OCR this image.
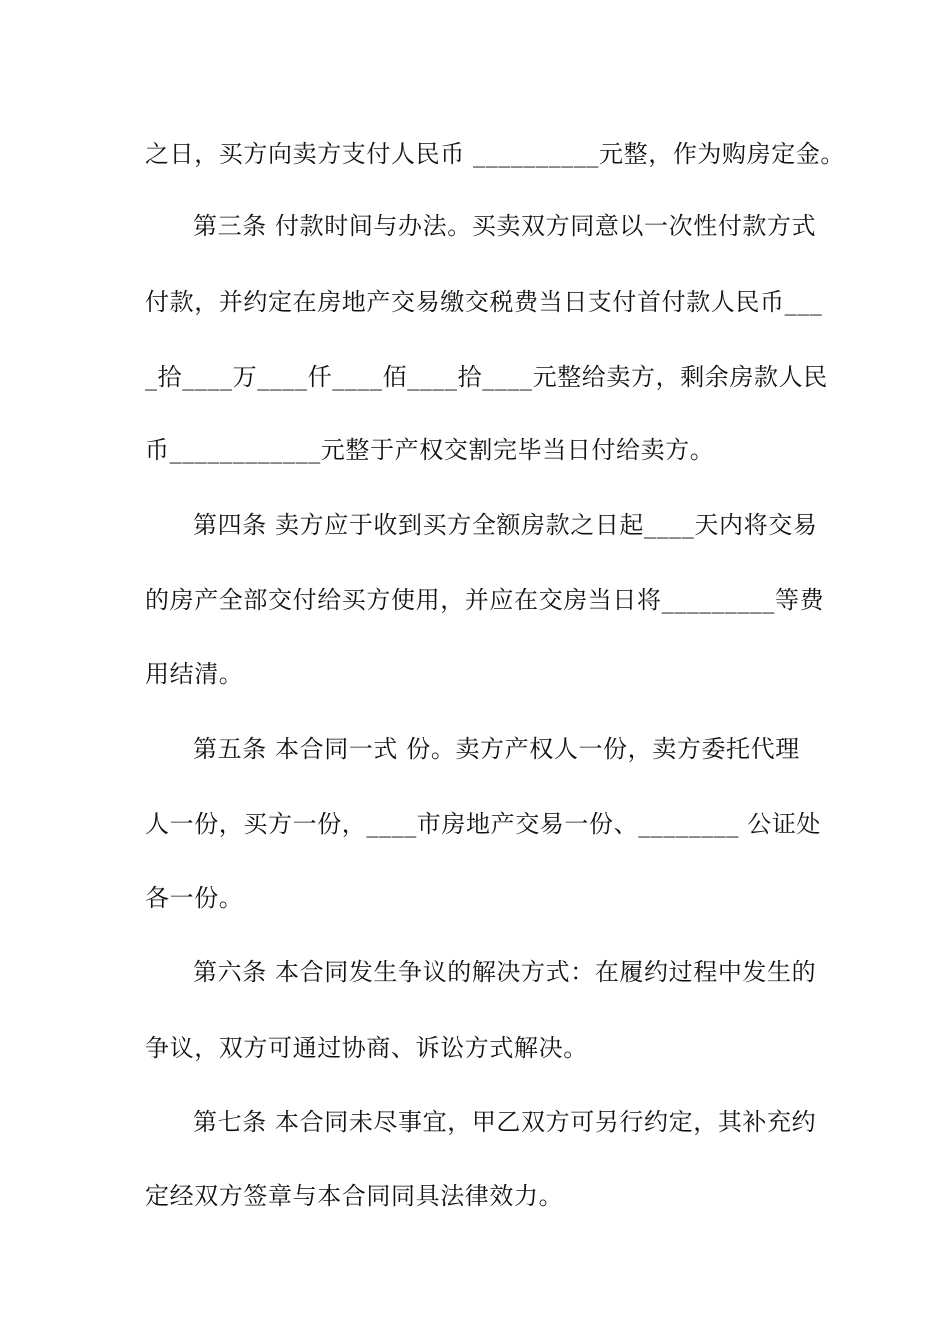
之日，买方向卖方支付人民币 __________元整，作为购房定金。
第三条 付款时间与办法。买卖双方同意以一次性付款方式
付款，并约定在房地产交易缴交税费当日支付首付款人民币___
_拾____万____仟____佰____拾____元整给卖方，剩余房款人民
币____________元整于产权交割完毕当日付给卖方。
第四条 卖方应于收到买方全额房款之日起____天内将交易
的房产全部交付给买方使用，并应在交房当日将_________等费
用结清。
第五条 本合同一式 份。卖方产权人一份，卖方委托代理
人一份，买方一份，____市房地产交易一份、________ 公证处
各一份。
第六条 本合同发生争议的解决方式：在履约过程中发生的
争议，双方可通过协商、诉讼方式解决。
第七条 本合同未尽事宜，甲乙双方可另行约定，其补充约
定经双方签章与本合同同具法律效力。
